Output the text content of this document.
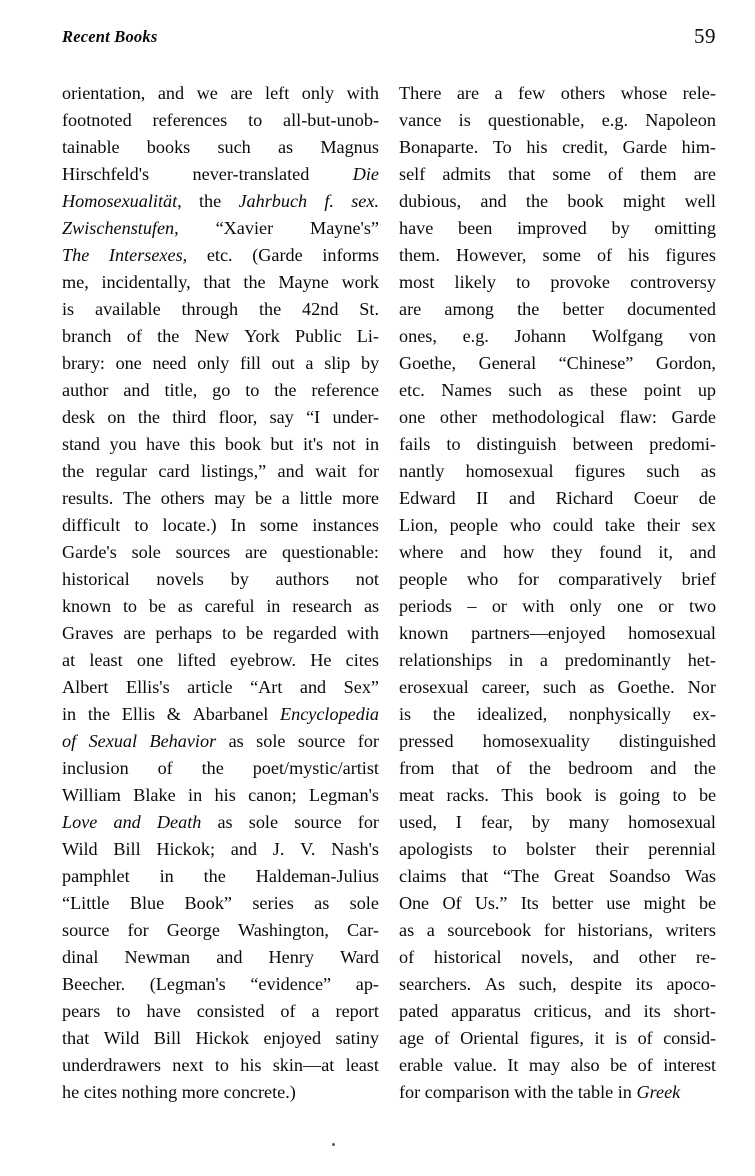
Recent Books	59
orientation, and we are left only with
footnoted references to all-but-unob-
tainable books such as Magnus
Hirschfeld's never-translated Die
Homosexualität, the Jahrbuch f. sex.
Zwischenstufen, “Xavier Mayne's”
The Intersexes, etc. (Garde informs
me, incidentally, that the Mayne work
is available through the 42nd St.
branch of the New York Public Li-
brary: one need only fill out a slip by
author and title, go to the reference
desk on the third floor, say “I under-
stand you have this book but it's not in
the regular card listings,” and wait for
results. The others may be a little more
difficult to locate.) In some instances
Garde's sole sources are questionable:
historical novels by authors not
known to be as careful in research as
Graves are perhaps to be regarded with
at least one lifted eyebrow. He cites
Albert Ellis's article “Art and Sex”
in the Ellis & Abarbanel Encyclopedia
of Sexual Behavior as sole source for
inclusion of the poet/mystic/artist
William Blake in his canon; Legman's
Love and Death as sole source for
Wild Bill Hickok; and J. V. Nash's
pamphlet in the Haldeman-Julius
“Little Blue Book” series as sole
source for George Washington, Car-
dinal Newman and Henry Ward
Beecher. (Legman's “evidence” ap-
pears to have consisted of a report
that Wild Bill Hickok enjoyed satiny
underdrawers next to his skin—at least
he cites nothing more concrete.)
There are a few others whose rele-
vance is questionable, e.g. Napoleon
Bonaparte. To his credit, Garde him-
self admits that some of them are
dubious, and the book might well
have been improved by omitting
them. However, some of his figures
most likely to provoke controversy
are among the better documented
ones, e.g. Johann Wolfgang von
Goethe, General “Chinese” Gordon,
etc. Names such as these point up
one other methodological flaw: Garde
fails to distinguish between predomi-
nantly homosexual figures such as
Edward II and Richard Coeur de
Lion, people who could take their sex
where and how they found it, and
people who for comparatively brief
periods – or with only one or two
known partners—enjoyed homosexual
relationships in a predominantly het-
erosexual career, such as Goethe. Nor
is the idealized, nonphysically ex-
pressed homosexuality distinguished
from that of the bedroom and the
meat racks. This book is going to be
used, I fear, by many homosexual
apologists to bolster their perennial
claims that “The Great Soandso Was
One Of Us.” Its better use might be
as a sourcebook for historians, writers
of historical novels, and other re-
searchers. As such, despite its apoco-
pated apparatus criticus, and its short-
age of Oriental figures, it is of consid-
erable value. It may also be of interest
for comparison with the table in Greek
